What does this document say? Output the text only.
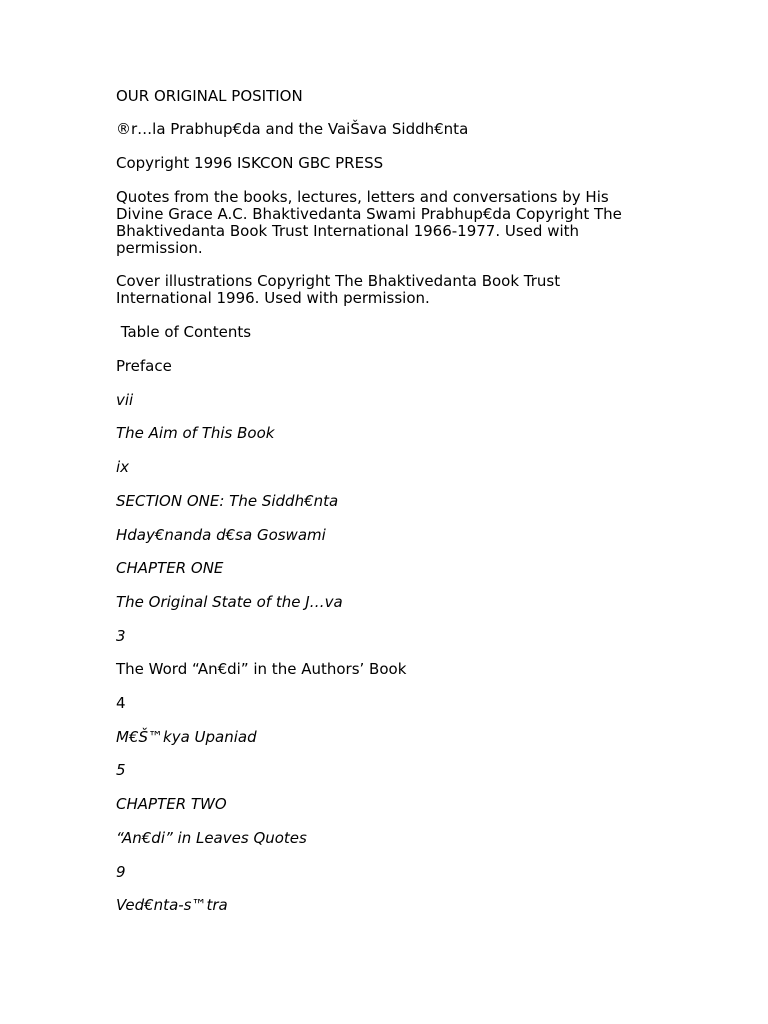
OUR ORIGINAL POSITION

®r…la Prabhup€da and the VaiŠava Siddh€nta

Copyright 1996 ISKCON GBC PRESS

Quotes from the books, lectures, letters and conversations by His Divine Grace A.C. Bhaktivedanta Swami Prabhup€da Copyright The Bhaktivedanta Book Trust International 1966-1977. Used with permission.

Cover illustrations Copyright The Bhaktivedanta Book Trust International 1996. Used with permission.

Table of Contents

Preface

vii

The Aim of This Book

ix

SECTION ONE: The Siddh€nta

Hday€nanda d€sa Goswami

CHAPTER ONE

The Original State of the J…va

3

The Word “An€di” in the Authors’ Book

4

M€Š™kya Upaniad

5

CHAPTER TWO

“An€di” in Leaves Quotes

9

Ved€nta-s™tra
